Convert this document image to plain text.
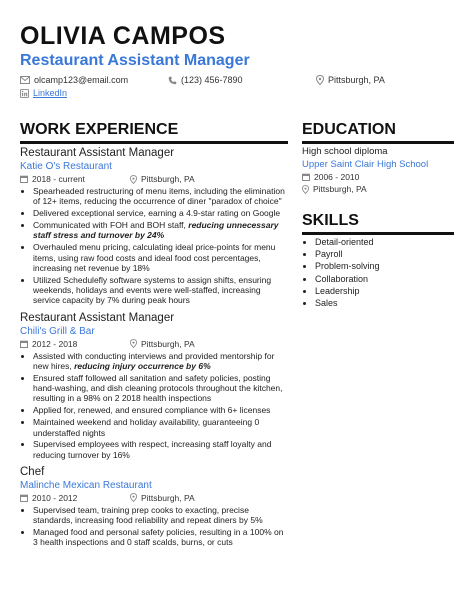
OLIVIA CAMPOS
Restaurant Assistant Manager
olcamp123@email.com	(123) 456-7890	Pittsburgh, PA
LinkedIn
WORK EXPERIENCE	EDUCATION
Restaurant Assistant Manager
Katie O's Restaurant
2018 - current	Pittsburgh, PA
• Spearheaded restructuring of menu items, including the elimination of 12+ items, reducing the occurrence of diner "paradox of choice"
• Delivered exceptional service, earning a 4.9-star rating on Google
• Communicated with FOH and BOH staff, reducing unnecessary staff stress and turnover by 24%
• Overhauled menu pricing, calculating ideal price-points for menu items, using raw food costs and ideal food cost percentages, increasing net revenue by 18%
• Utilized Schedulefly software systems to assign shifts, ensuring weekends, holidays and events were well-staffed, increasing service capacity by 7% during peak hours
Restaurant Assistant Manager
Chili's Grill & Bar
2012 - 2018	Pittsburgh, PA
• Assisted with conducting interviews and provided mentorship for new hires, reducing injury occurrence by 6%
• Ensured staff followed all sanitation and safety policies, posting hand-washing, and dish cleaning protocols throughout the kitchen, resulting in a 98% on 2 2018 health inspections
• Applied for, renewed, and ensured compliance with 6+ licenses
• Maintained weekend and holiday availability, guaranteeing 0 understaffed nights
• Supervised employees with respect, increasing staff loyalty and reducing turnover by 16%
Chef
Malinche Mexican Restaurant
2010 - 2012	Pittsburgh, PA
• Supervised team, training prep cooks to exacting, precise standards, increasing food reliability and repeat diners by 5%
• Managed food and personal safety policies, resulting in a 100% on 3 health inspections and 0 staff scalds, burns, or cuts
High school diploma
Upper Saint Clair High School
2006 - 2010
Pittsburgh, PA
SKILLS
• Detail-oriented
• Payroll
• Problem-solving
• Collaboration
• Leadership
• Sales
